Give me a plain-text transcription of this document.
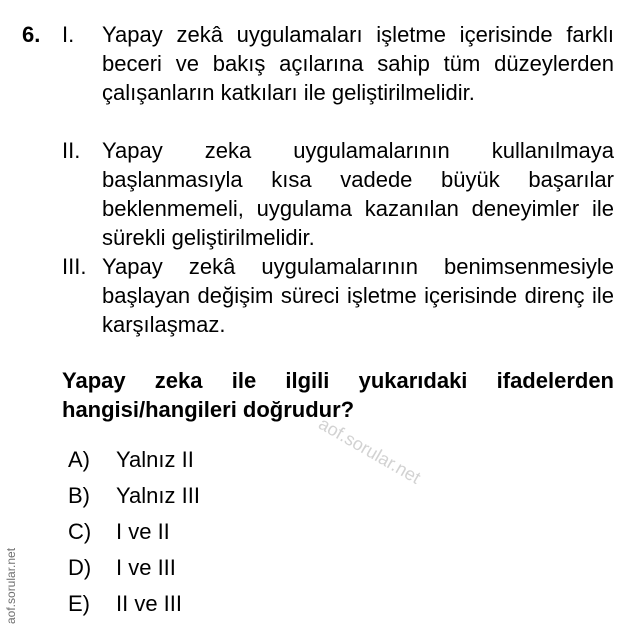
6. I. Yapay zekâ uygulamaları işletme içerisinde farklı beceri ve bakış açılarına sahip tüm düzeylerden çalışanların katkıları ile geliştirilmelidir.
II. Yapay zeka uygulamalarının kullanılmaya başlanmasıyla kısa vadede büyük başarılar beklenmemeli, uygulama kazanılan deneyimler ile sürekli geliştirilmelidir.
III. Yapay zekâ uygulamalarının benimsenmesiyle başlayan değişim süreci işletme içerisinde direnç ile karşılaşmaz.
Yapay zeka ile ilgili yukarıdaki ifadelerden hangisi/hangileri doğrudur?
A) Yalnız II
B) Yalnız III
C) I ve II
D) I ve III
E) II ve III
aof.sorular.net
aof.sorular.net
